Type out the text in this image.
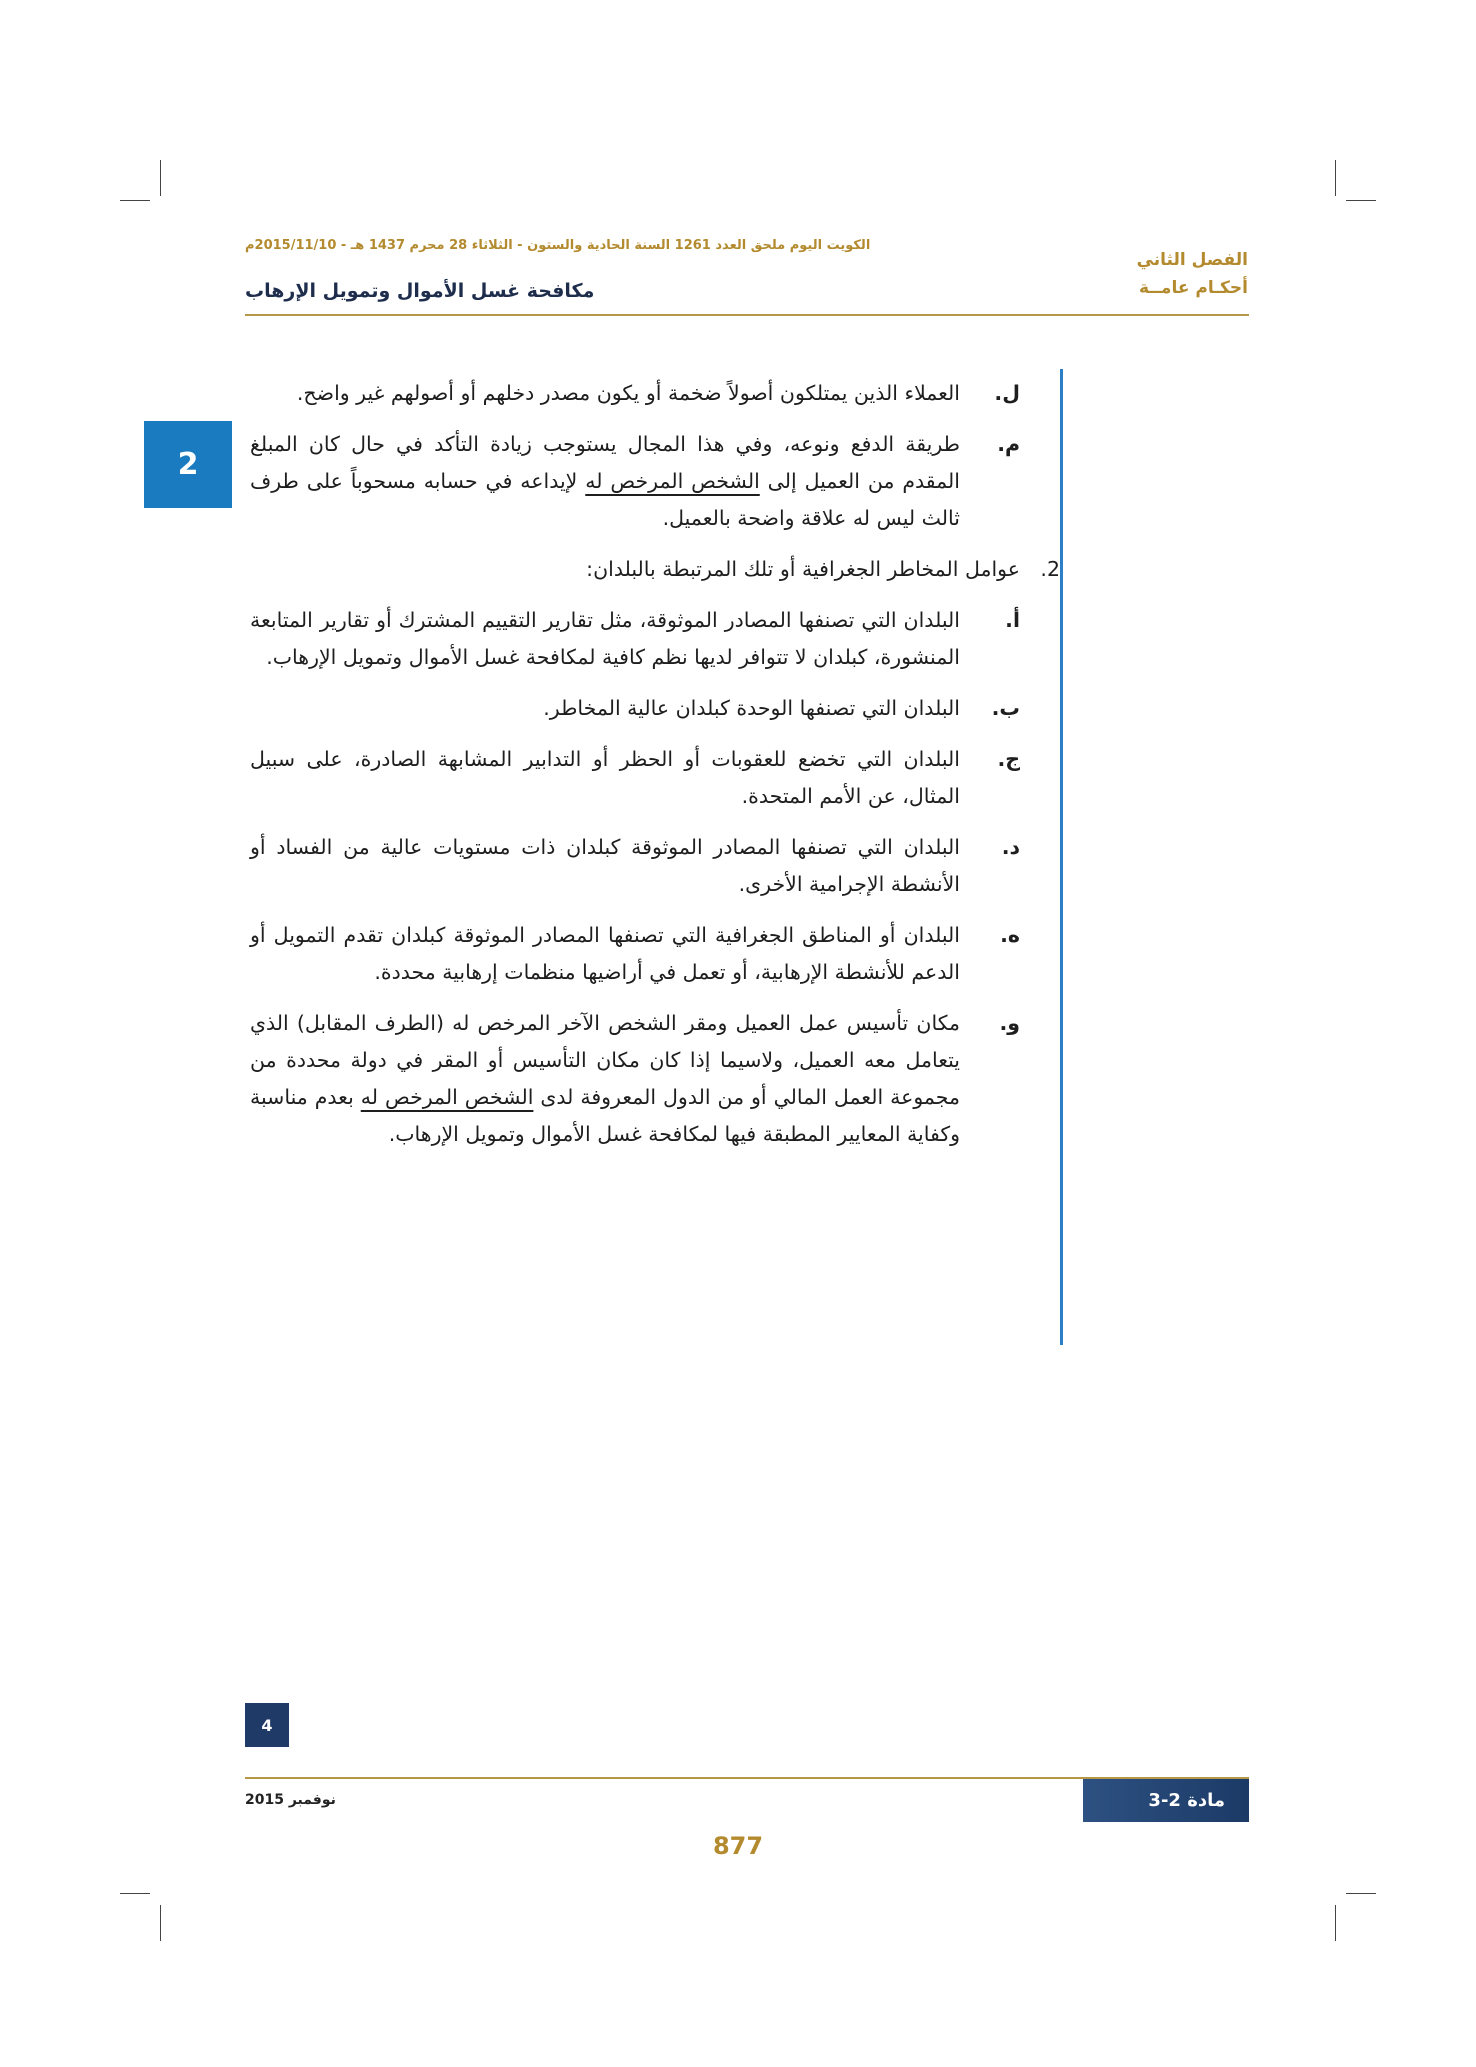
الكويت اليوم ملحق العدد 1261 السنة الحادية والستون - الثلاثاء 28 محرم 1437 هـ - 2015/11/10م
مكافحة غسل الأموال وتمويل الإرهاب
الفصل الثاني
أحكـام عامــة
2
ل.
العملاء الذين يمتلكون أصولاً ضخمة أو يكون مصدر دخلهم أو أصولهم غير واضح.
م.
طريقة الدفع ونوعه، وفي هذا المجال يستوجب زيادة التأكد في حال كان المبلغ المقدم من العميل إلى الشخص المرخص له لإيداعه في حسابه مسحوباً على طرف ثالث ليس له علاقة واضحة بالعميل.
2.
عوامل المخاطر الجغرافية أو تلك المرتبطة بالبلدان:
أ.
البلدان التي تصنفها المصادر الموثوقة، مثل تقارير التقييم المشترك أو تقارير المتابعة المنشورة، كبلدان لا تتوافر لديها نظم كافية لمكافحة غسل الأموال وتمويل الإرهاب.
ب.
البلدان التي تصنفها الوحدة كبلدان عالية المخاطر.
ج.
البلدان التي تخضع للعقوبات أو الحظر أو التدابير المشابهة الصادرة، على سبيل المثال، عن الأمم المتحدة.
د.
البلدان التي تصنفها المصادر الموثوقة كبلدان ذات مستويات عالية من الفساد أو الأنشطة الإجرامية الأخرى.
ه.
البلدان أو المناطق الجغرافية التي تصنفها المصادر الموثوقة كبلدان تقدم التمويل أو الدعم للأنشطة الإرهابية، أو تعمل في أراضيها منظمات إرهابية محددة.
و.
مكان تأسيس عمل العميل ومقر الشخص الآخر المرخص له (الطرف المقابل) الذي يتعامل معه العميل، ولاسيما إذا كان مكان التأسيس أو المقر في دولة محددة من مجموعة العمل المالي أو من الدول المعروفة لدى الشخص المرخص له بعدم مناسبة وكفاية المعايير المطبقة فيها لمكافحة غسل الأموال وتمويل الإرهاب.
4
مادة 2-3
نوفمبر 2015
877
